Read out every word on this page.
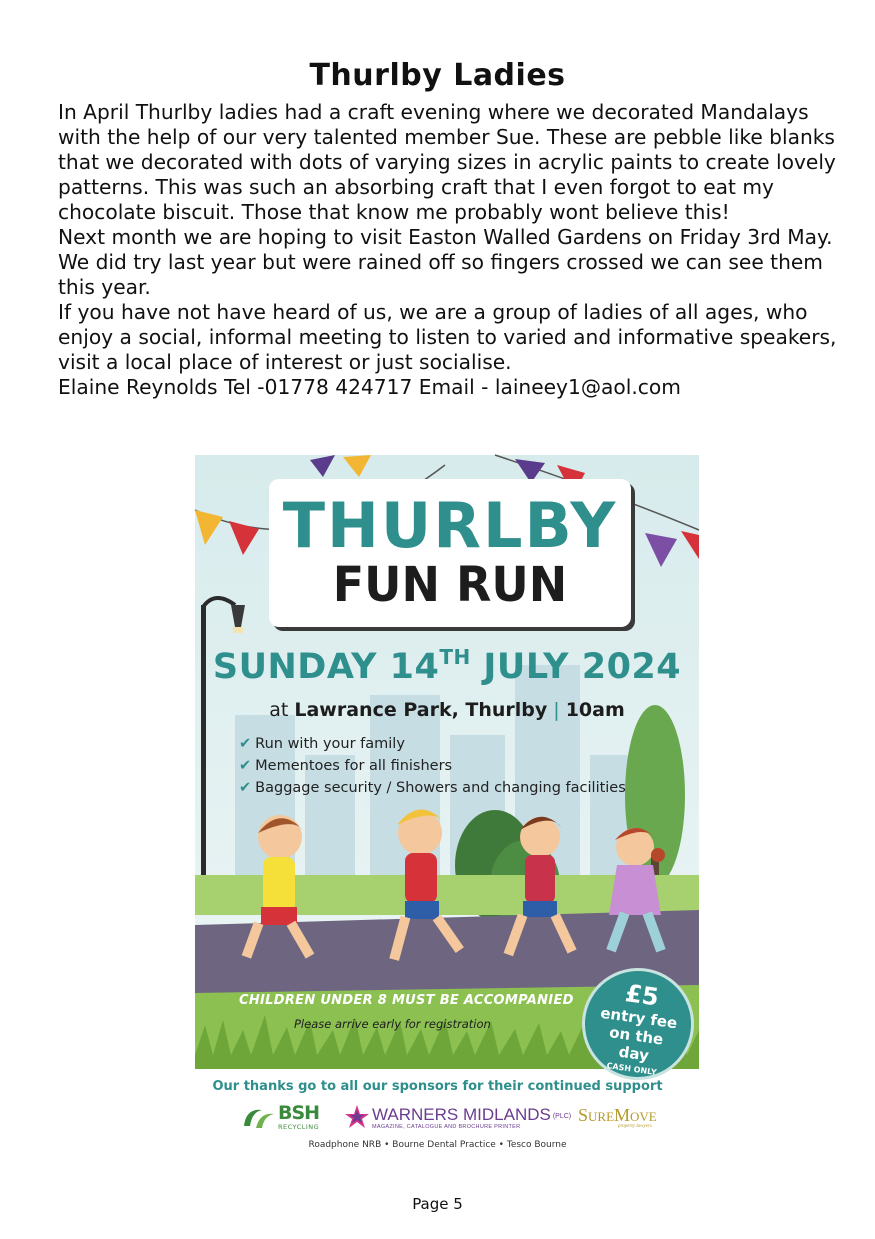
Thurlby Ladies

In April Thurlby ladies had a craft evening where we decorated Mandalays with the help of our very talented member Sue. These are pebble like blanks that we decorated with dots of varying sizes in acrylic paints to create lovely patterns. This was such an absorbing craft that I even forgot to eat my chocolate biscuit. Those that know me probably wont believe this!

Next month we are hoping to visit Easton Walled Gardens on Friday 3rd May. We did try last year but were rained off so fingers crossed we can see them this year.

If you have not have heard of us, we are a group of ladies of all ages, who enjoy a social, informal meeting to listen to varied and informative speakers, visit a local place of interest or just socialise.

Elaine Reynolds Tel -01778 424717 Email - laineey1@aol.com

THURLBY
FUN RUN
SUNDAY 14TH JULY 2024
at Lawrance Park, Thurlby | 10am
✔ Run with your family
✔ Mementoes for all finishers
✔ Baggage security / Showers and changing facilities
CHILDREN UNDER 8 MUST BE ACCOMPANIED
Please arrive early for registration
£5
entry fee on the day
CASH ONLY
Our thanks go to all our sponsors for their continued support
BSH
RECYCLING
WARNERS MIDLANDS (PLC)
MAGAZINE, CATALOGUE AND BROCHURE PRINTER
SureMove
property lawyers
Roadphone NRB • Bourne Dental Practice • Tesco Bourne
Page 5
